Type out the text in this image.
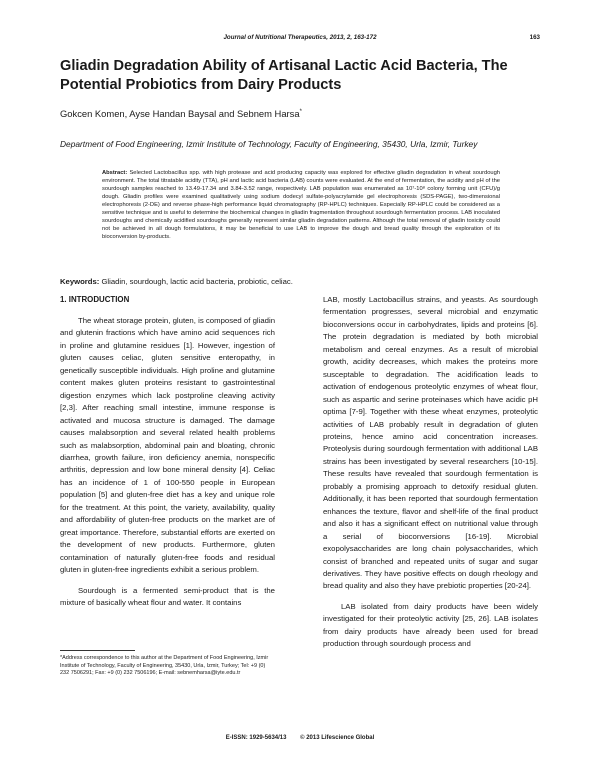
Journal of Nutritional Therapeutics, 2013, 2, 163-172	163
Gliadin Degradation Ability of Artisanal Lactic Acid Bacteria, The Potential Probiotics from Dairy Products
Gokcen Komen, Ayse Handan Baysal and Sebnem Harsa*
Department of Food Engineering, Izmir Institute of Technology, Faculty of Engineering, 35430, Urla, Izmir, Turkey
Abstract: Selected Lactobacillus spp. with high protease and acid producing capacity was explored for effective gliadin degradation in wheat sourdough environment. The total titratable acidity (TTA), pH and lactic acid bacteria (LAB) counts were evaluated. At the end of fermentation, the acidity and pH of the sourdough samples reached to 13.49-17.34 and 3.84-3.52 range, respectively. LAB population was enumerated as 10⁷-10⁸ colony forming unit (CFU)/g dough. Gliadin profiles were examined qualitatively using sodium dodecyl sulfate-polyacrylamide gel electrophoresis (SDS-PAGE), two-dimensional electrophoresis (2-DE) and reverse phase-high performance liquid chromatography (RP-HPLC) techniques. Especially RP-HPLC could be considered as a sensitive technique and is useful to determine the biochemical changes in gliadin fragmentation throughout sourdough fermentation process. LAB inoculated sourdoughs and chemically acidified sourdoughs generally represent similar gliadin degradation patterns. Although the total removal of gliadin toxicity could not be achieved in all dough formulations, it may be beneficial to use LAB to improve the dough and bread quality through the exploration of its bioconversion by-products.
Keywords: Gliadin, sourdough, lactic acid bacteria, probiotic, celiac.
1. INTRODUCTION

The wheat storage protein, gluten, is composed of gliadin and glutenin fractions which have amino acid sequences rich in proline and glutamine residues [1]. However, ingestion of gluten causes celiac, gluten sensitive enteropathy, in genetically susceptible individuals. High proline and glutamine content makes gluten proteins resistant to gastrointestinal digestion enzymes which lack postproline cleaving activity [2,3]. After reaching small intestine, immune response is activated and mucosa structure is damaged. The damage causes malabsorption and several related health problems such as malabsorption, abdominal pain and bloating, chronic diarrhea, growth failure, iron deficiency anemia, nonspecific arthritis, depression and low bone mineral density [4]. Celiac has an incidence of 1 of 100-550 people in European population [5] and gluten-free diet has a key and unique role for the treatment. At this point, the variety, availability, quality and affordability of gluten-free products on the market are of great importance. Therefore, substantial efforts are exerted on the development of new products. Furthermore, gluten contamination of naturally gluten-free foods and residual gluten in gluten-free ingredients exhibit a serious problem.

Sourdough is a fermented semi-product that is the mixture of basically wheat flour and water. It contains

LAB, mostly Lactobacillus strains, and yeasts. As sourdough fermentation progresses, several microbial and enzymatic bioconversions occur in carbohydrates, lipids and proteins [6]. The protein degradation is mediated by both microbial metabolism and cereal enzymes. As a result of microbial growth, acidity decreases, which makes the proteins more susceptable to degradation. The acidification leads to activation of endogenous proteolytic enzymes of wheat flour, such as aspartic and serine proteinases which have acidic pH optima [7-9]. Together with these wheat enzymes, proteolytic activities of LAB probably result in degradation of gluten proteins, hence amino acid concentration increases. Proteolysis during sourdough fermentation with additional LAB strains has been investigated by several researchers [10-15]. These results have revealed that sourdough fermentation is probably a promising approach to detoxify residual gluten. Additionally, it has been reported that sourdough fermentation enhances the texture, flavor and shelf-life of the final product and also it has a significant effect on nutritional value through a serial of bioconversions [16-19]. Microbial exopolysaccharides are long chain polysaccharides, which consist of branched and repeated units of sugar and sugar derivatives. They have positive effects on dough rheology and bread quality and also they have prebiotic properties [20-24].

LAB isolated from dairy products have been widely investigated for their proteolytic activity [25, 26]. LAB isolates from dairy products have already been used for bread production through sourdough process and

*Address correspondence to this author at the Department of Food Engineering, Izmir Institute of Technology, Faculty of Engineering, 35430, Urla, Izmir, Turkey; Tel: +9 (0) 232 7506291; Fax: +9 (0) 232 7506196; E-mail: sebnemharsa@iyte.edu.tr
E-ISSN: 1929-5634/13 © 2013 Lifescience Global
